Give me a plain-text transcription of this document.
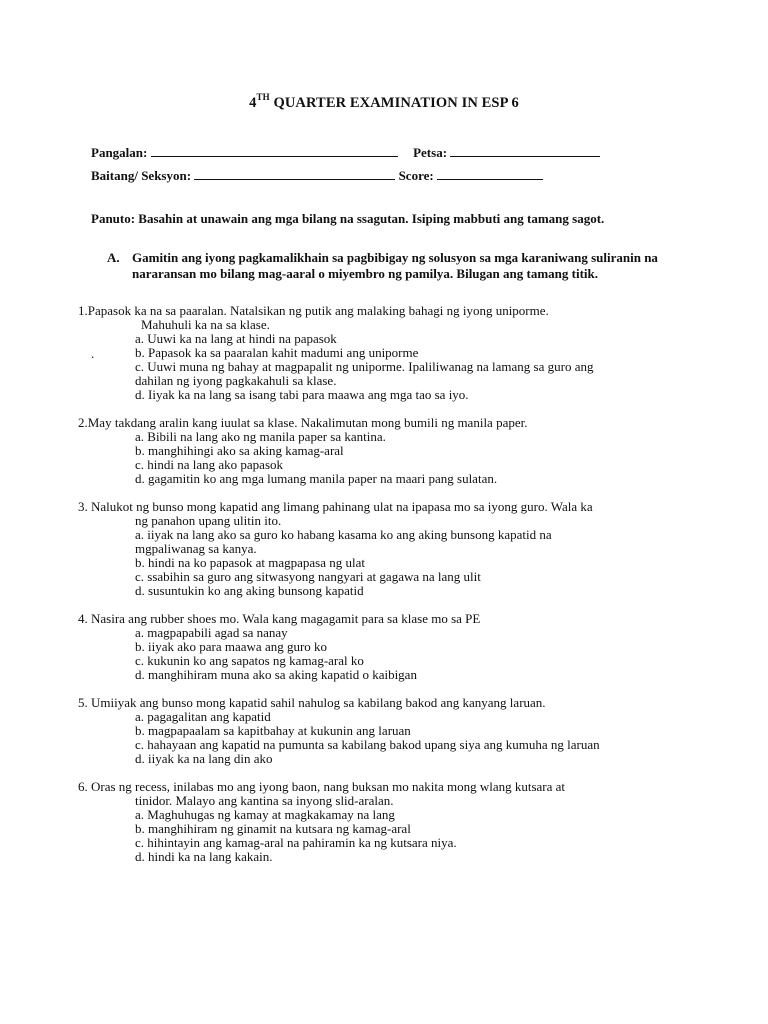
4TH QUARTER EXAMINATION IN ESP 6
Pangalan:	Petsa:
Baitang/ Seksyon:	Score:
Panuto: Basahin at unawain ang mga bilang na ssagutan. Isiping mabbuti ang tamang sagot.
A. Gamitin ang iyong pagkamalikhain sa pagbibigay ng solusyon sa mga karaniwang suliranin na nararansan mo bilang mag-aaral o miyembro ng pamilya. Bilugan ang tamang titik.
1.Papasok ka na sa paaralan. Natalsikan ng putik ang malaking bahagi ng iyong uniporme.
Mahuhuli ka na sa klase.
a. Uuwi ka na lang at hindi na papasok
.	b. Papasok ka sa paaralan kahit madumi ang uniporme
c. Uuwi muna ng bahay at magpapalit ng uniporme. Ipaliliwanag na lamang sa guro ang
dahilan ng iyong pagkakahuli sa klase.
d. Iiyak ka na lang sa isang tabi para maawa ang mga tao sa iyo.
2.May takdang aralin kang iuulat sa klase. Nakalimutan mong bumili ng manila paper.
a. Bibili na lang ako ng manila paper sa kantina.
b. manghihingi ako sa aking kamag-aral
c. hindi na lang ako papasok
d. gagamitin ko ang mga lumang manila paper na maari pang sulatan.
3. Nalukot ng bunso mong kapatid ang limang pahinang ulat na ipapasa mo sa iyong guro. Wala ka
ng panahon upang ulitin ito.
a. iiyak na lang ako sa guro ko habang kasama ko ang aking bunsong kapatid na
mgpaliwanag sa kanya.
b. hindi na ko papasok at magpapasa ng ulat
c. ssabihin sa guro ang sitwasyong nangyari at gagawa na lang ulit
d. susuntukin ko ang aking bunsong kapatid
4. Nasira ang rubber shoes mo. Wala kang magagamit para sa klase mo sa PE
a. magpapabili agad sa nanay
b. iiyak ako para maawa ang guro ko
c. kukunin ko ang sapatos ng kamag-aral ko
d. manghihiram muna ako sa aking kapatid o kaibigan
5. Umiiyak ang bunso mong kapatid sahil nahulog sa kabilang bakod ang kanyang laruan.
a. pagagalitan ang kapatid
b. magpapaalam sa kapitbahay at kukunin ang laruan
c. hahayaan ang kapatid na pumunta sa kabilang bakod upang siya ang kumuha ng laruan
d. iiyak ka na lang din ako
6. Oras ng recess, inilabas mo ang iyong baon, nang buksan mo nakita mong wlang kutsara at
tinidor. Malayo ang kantina sa inyong slid-aralan.
a. Maghuhugas ng kamay at magkakamay na lang
b. manghihiram ng ginamit na kutsara ng kamag-aral
c. hihintayin ang kamag-aral na pahiramin ka ng kutsara niya.
d. hindi ka na lang kakain.
